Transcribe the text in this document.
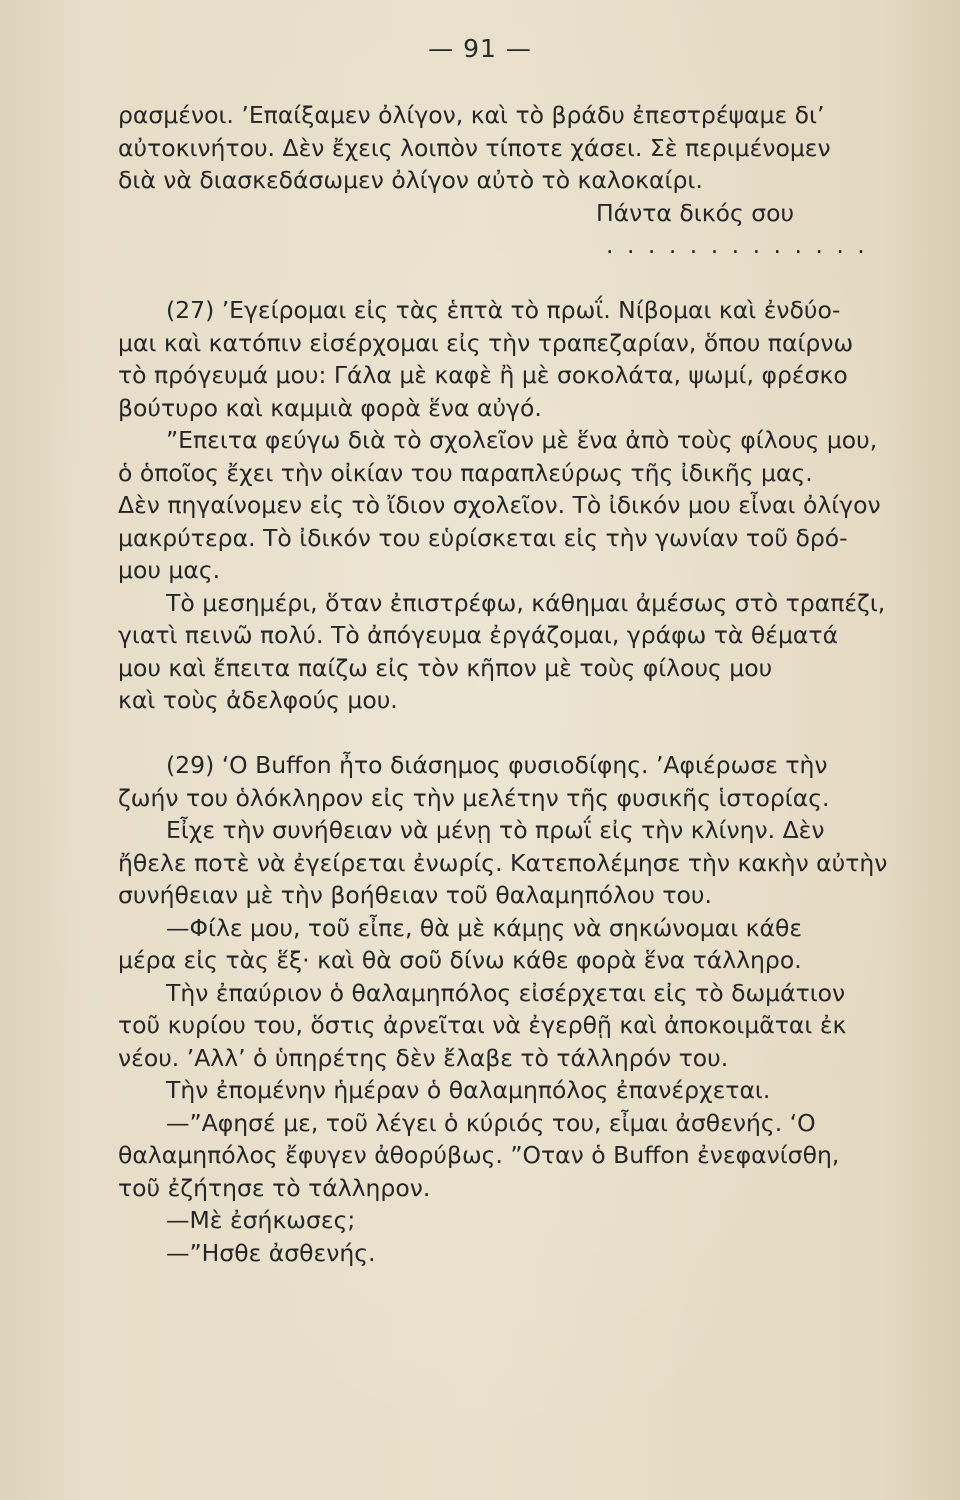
— 91 —
ρασμένοι. ’Επαίξαμεν ὀλίγον, καὶ τὸ βράδυ ἐπεστρέψαμε δι’
αὐτοκινήτου. Δὲν ἔχεις λοιπὸν τίποτε χάσει. Σὲ περιμένομεν
διὰ νὰ διασκεδάσωμεν ὀλίγον αὐτὸ τὸ καλοκαίρι.
Πάντα δικός σου
. . . . . . . . . . . . .
(27) ’Εγείρομαι εἰς τὰς ἑπτὰ τὸ πρωΐ. Νίβομαι καὶ ἐνδύο-
μαι καὶ κατόπιν εἰσέρχομαι εἰς τὴν τραπεζαρίαν, ὅπου παίρνω
τὸ πρόγευμά μου: Γάλα μὲ καφὲ ἢ μὲ σοκολάτα, ψωμί, φρέσκο
βούτυρο καὶ καμμιὰ φορὰ ἕνα αὐγό.
”Επειτα φεύγω διὰ τὸ σχολεῖον μὲ ἕνα ἀπὸ τοὺς φίλους μου,
ὁ ὁποῖος ἔχει τὴν οἰκίαν του παραπλεύρως τῆς ἰδικῆς μας.
Δὲν πηγαίνομεν εἰς τὸ ἴδιον σχολεῖον. Τὸ ἰδικόν μου εἶναι ὀλίγον
μακρύτερα. Τὸ ἰδικόν του εὑρίσκεται εἰς τὴν γωνίαν τοῦ δρό-
μου μας.
Τὸ μεσημέρι, ὅταν ἐπιστρέφω, κάθημαι ἀμέσως στὸ τραπέζι,
γιατὶ πεινῶ πολύ. Τὸ ἀπόγευμα ἐργάζομαι, γράφω τὰ θέματά
μου καὶ ἔπειτα παίζω εἰς τὸν κῆπον μὲ τοὺς φίλους μου
καὶ τοὺς ἀδελφούς μου.
(29) ‘Ο Buffon ἦτο διάσημος φυσιοδίφης. ’Αφιέρωσε τὴν
ζωήν του ὁλόκληρον εἰς τὴν μελέτην τῆς φυσικῆς ἱστορίας.
Εἶχε τὴν συνήθειαν νὰ μένῃ τὸ πρωΐ εἰς τὴν κλίνην. Δὲν
ἤθελε ποτὲ νὰ ἐγείρεται ἐνωρίς. Κατεπολέμησε τὴν κακὴν αὐτὴν
συνήθειαν μὲ τὴν βοήθειαν τοῦ θαλαμηπόλου του.
—Φίλε μου, τοῦ εἶπε, θὰ μὲ κάμῃς νὰ σηκώνομαι κάθε
μέρα εἰς τὰς ἕξ· καὶ θὰ σοῦ δίνω κάθε φορὰ ἕνα τάλληρο.
Τὴν ἐπαύριον ὁ θαλαμηπόλος εἰσέρχεται εἰς τὸ δωμάτιον
τοῦ κυρίου του, ὅστις ἀρνεῖται νὰ ἐγερθῇ καὶ ἀποκοιμᾶται ἐκ
νέου. ’Αλλ’ ὁ ὑπηρέτης δὲν ἔλαβε τὸ τάλληρόν του.
Τὴν ἐπομένην ἡμέραν ὁ θαλαμηπόλος ἐπανέρχεται.
—”Αφησέ με, τοῦ λέγει ὁ κύριός του, εἶμαι ἀσθενής. ‘Ο
θαλαμηπόλος ἔφυγεν ἀθορύβως. ”Οταν ὁ Buffon ἐνεφανίσθη,
τοῦ ἐζήτησε τὸ τάλληρον.
—Μὲ ἐσήκωσες;
—”Ησθε ἀσθενής.
